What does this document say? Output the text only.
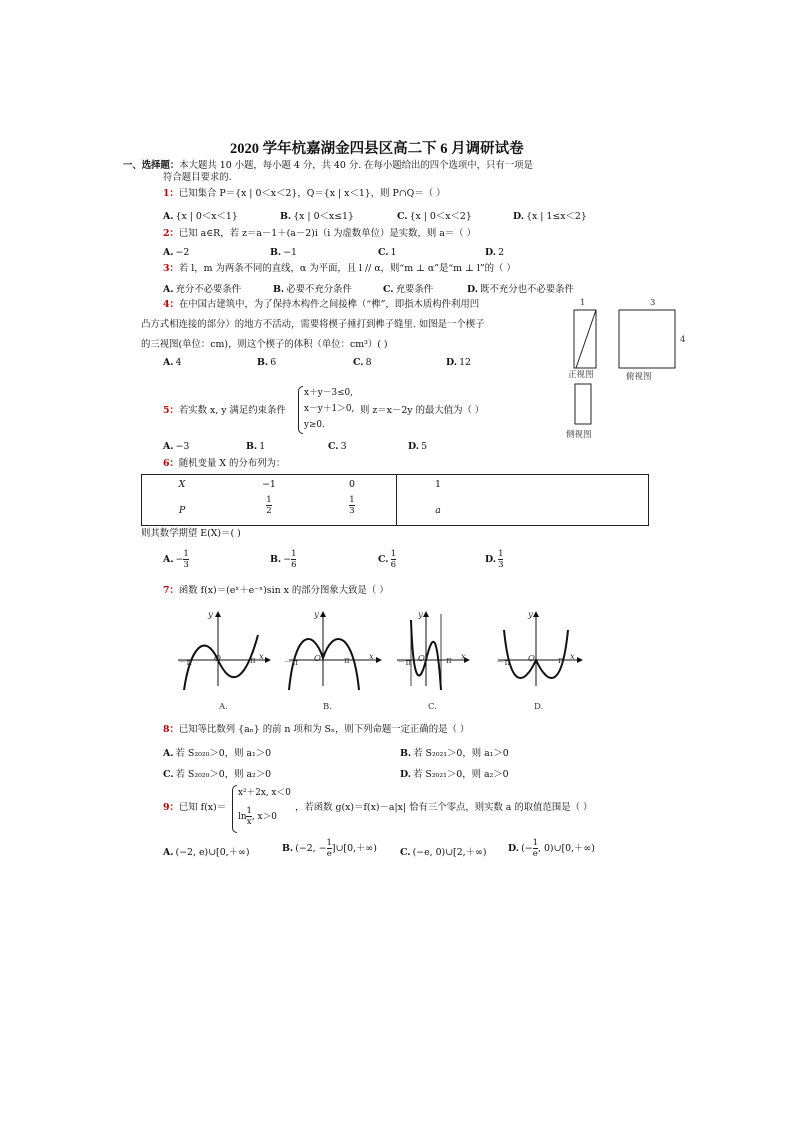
2020 学年杭嘉湖金四县区高二下 6 月调研试卷
一、选择题：本大题共 10 小题，每小题 4 分，共 40 分. 在每小题给出的四个选项中，只有一项是
符合题目要求的.
1：已知集合 P＝{x | 0＜x＜2}，Q＝{x | x＜1}，则 P∩Q＝（ ）
A. {x | 0＜x＜1}	B. {x | 0＜x≤1}	C. {x | 0＜x＜2}	D. {x | 1≤x＜2}
2：已知 a∈R，若 z＝a－1＋(a－2)i（i 为虚数单位）是实数，则 a＝（ ）
A. −2	B. −1	C. 1	D. 2
3：若 l，m 为两条不同的直线，α 为平面，且 l // α，则“m ⊥ α”是“m ⊥ l”的（ ）
A. 充分不必要条件	B. 必要不充分条件	C. 充要条件	D. 既不充分也不必要条件
4：在中国古建筑中，为了保持木构件之间接榫（“榫”，即指木质构件利用凹
凸方式相连接的部分）的地方不活动，需要将楔子捶打到榫子缝里. 如图是一个楔子
的三视图(单位：cm)，则这个楔子的体积（单位：cm³）( )
A. 4	B. 6	C. 8	D. 12
1
正视图
3
4
俯视图
侧视图
5：若实数 x, y 满足约束条件
x＋y－3≤0,
x－y＋1＞0,
y≥0.
则 z＝x－2y 的最大值为（ ）
A. −3	B. 1	C. 3	D. 5
6：随机变量 X 的分布列为：
X	−1	0	1
P	$\frac{1}{2}$	$\frac{1}{3}$	a
则其数学期望 E(X)＝( )
A. $-\frac{1}{3}$	B. $-\frac{1}{6}$	C. $\frac{1}{6}$	D. $\frac{1}{3}$
7：函数 f(x)＝(eˣ＋e⁻ˣ)sin x 的部分图象大致是（ ）
－π	O	π x
y
A.
－π O	π x
y
B.
－π O π x
y
C.
－π O	π x
y
D.
8：已知等比数列 {aₙ} 的前 n 项和为 Sₙ，则下列命题一定正确的是（ ）
A. 若 S₂₀₂₀＞0，则 a₁＞0	B. 若 S₂₀₂₁＞0，则 a₁＞0
C. 若 S₂₀₂₀＞0，则 a₂＞0	D. 若 S₂₀₂₁＞0，则 a₂＞0
9：已知 f(x)＝
x²＋2x, x＜0
$\ln\frac{1}{x}$, x＞0
，若函数 g(x)＝f(x)－a|x| 恰有三个零点，则实数 a 的取值范围是（ ）
A. (−2, e)∪[0,＋∞)	B. (−2, $-\frac{1}{e}]\cup[0,+\infty)$ C. (−e, 0)∪[2,＋∞) D. ($-\frac{1}{e}$, 0)∪[0,＋∞)
